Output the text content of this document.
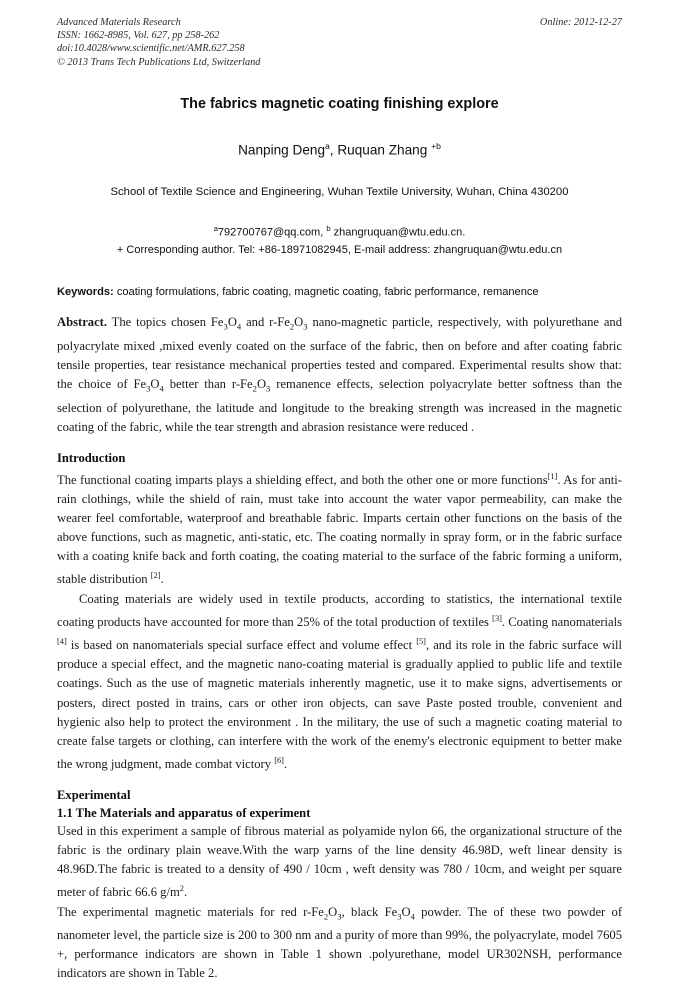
Advanced Materials Research
ISSN: 1662-8985, Vol. 627, pp 258-262
doi:10.4028/www.scientific.net/AMR.627.258
© 2013 Trans Tech Publications Ltd, Switzerland
Online: 2012-12-27
The fabrics magnetic coating finishing explore
Nanping Deng$^a$, Ruquan Zhang $^{+b}$
School of Textile Science and Engineering, Wuhan Textile University, Wuhan, China 430200
$^a$792700767@qq.com, $^b$ zhangruquan@wtu.edu.cn.
+ Corresponding author. Tel: +86-18971082945, E-mail address: zhangruquan@wtu.edu.cn
Keywords: coating formulations, fabric coating, magnetic coating, fabric performance, remanence
Abstract. The topics chosen $Fe_3O_4$ and $r-Fe_2O_3$ nano-magnetic particle, respectively, with polyurethane and polyacrylate mixed ,mixed evenly coated on the surface of the fabric, then on before and after coating fabric tensile properties, tear resistance mechanical properties tested and compared. Experimental results show that: the choice of $Fe_3O_4$ better than $r-Fe_2O_3$ remanence effects, selection polyacrylate better softness than the selection of polyurethane, the latitude and longitude to the breaking strength was increased in the magnetic coating of the fabric, while the tear strength and abrasion resistance were reduced .
Introduction

The functional coating imparts plays a shielding effect, and both the other one or more functions[1]. As for anti-rain clothings, while the shield of rain, must take into account the water vapor permeability, can make the wearer feel comfortable, waterproof and breathable fabric. Imparts certain other functions on the basis of the above functions, such as magnetic, anti-static, etc. The coating normally in spray form, or in the fabric surface with a coating knife back and forth coating, the coating material to the surface of the fabric forming a uniform, stable distribution [2].

Coating materials are widely used in textile products, according to statistics, the international textile coating products have accounted for more than 25% of the total production of textiles [3]. Coating nanomaterials [4] is based on nanomaterials special surface effect and volume effect [5], and its role in the fabric surface will produce a special effect, and the magnetic nano-coating material is gradually applied to public life and textile coatings. Such as the use of magnetic materials inherently magnetic, use it to make signs, advertisements or posters, direct posted in trains, cars or other iron objects, can save Paste posted trouble, convenient and hygienic also help to protect the environment . In the military, the use of such a magnetic coating material to create false targets or clothing, can interfere with the work of the enemy's electronic equipment to better make the wrong judgment, made combat victory [6].

Experimental
1.1 The Materials and apparatus of experiment

Used in this experiment a sample of fibrous material as polyamide nylon 66, the organizational structure of the fabric is the ordinary plain weave.With the warp yarns of the line density 46.98D, weft linear density is 48.96D.The fabric is treated to a density of 490 / 10cm , weft density was 780 / 10cm, and weight per square meter of fabric 66.6 $g/m^2$.

The experimental magnetic materials for red $r-Fe_2O_3$, black $Fe_3O_4$ powder. The of these two powder of nanometer level, the particle size is 200 to 300 nm and a purity of more than 99%, the polyacrylate, model 7605 +, performance indicators are shown in Table 1 shown .polyurethane, model UR302NSH, performance indicators are shown in Table 2.
